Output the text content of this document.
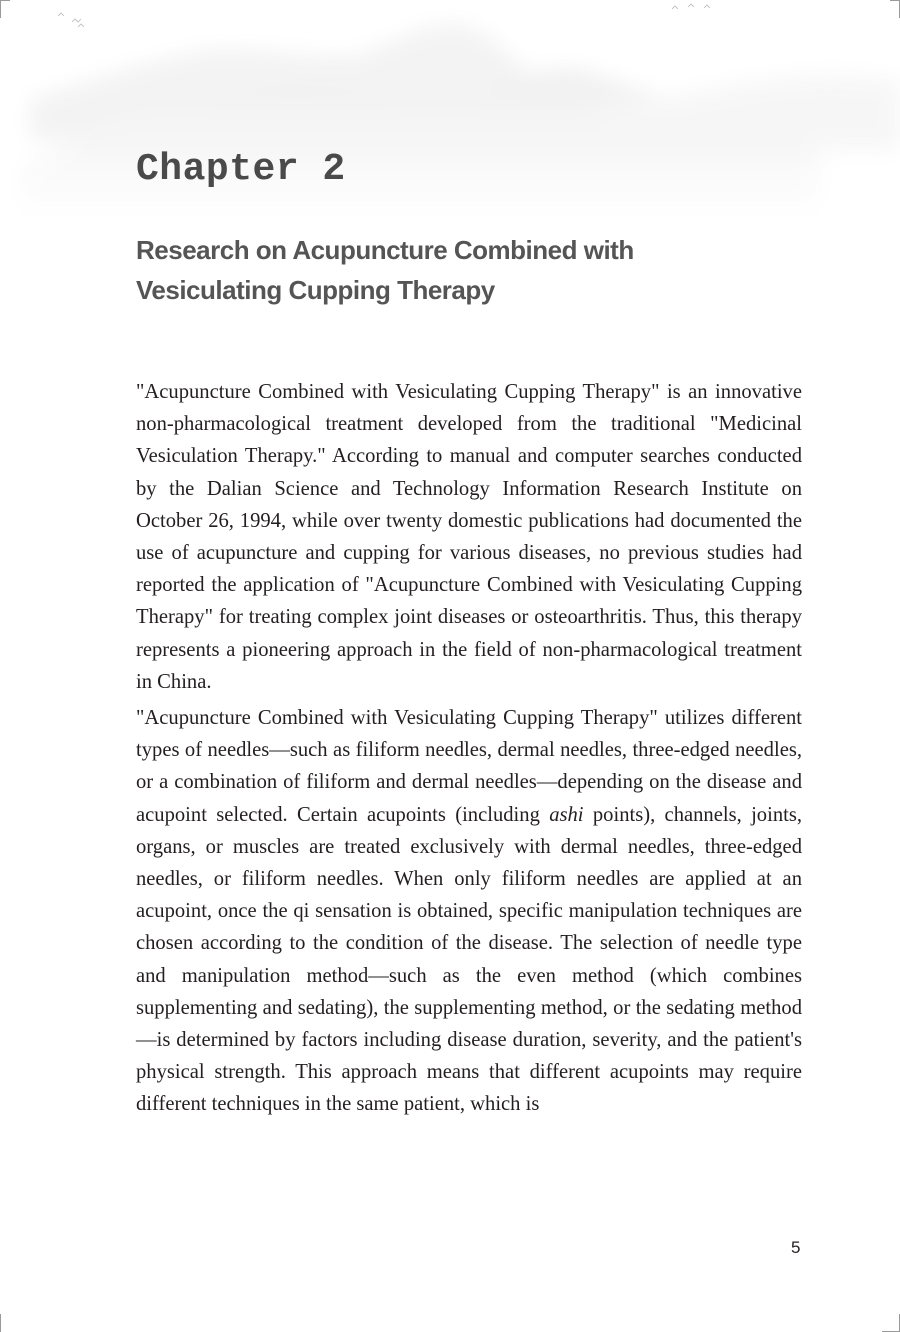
Chapter 2
Research on Acupuncture Combined with Vesiculating Cupping Therapy

"Acupuncture Combined with Vesiculating Cupping Therapy" is an innovative non-pharmacological treatment developed from the traditional "Medicinal Vesiculation Therapy." According to manual and computer searches conducted by the Dalian Science and Technology Information Research Institute on October 26, 1994, while over twenty domestic publications had documented the use of acupuncture and cupping for various diseases, no previous studies had reported the application of "Acupuncture Combined with Vesiculating Cupping Therapy" for treating complex joint diseases or osteoarthritis. Thus, this therapy represents a pioneering approach in the field of non-pharmacological treatment in China.

"Acupuncture Combined with Vesiculating Cupping Therapy" utilizes different types of needles—such as filiform needles, dermal needles, three-edged needles, or a combination of filiform and dermal needles—depending on the disease and acupoint selected. Certain acupoints (including ashi points), channels, joints, organs, or muscles are treated exclusively with dermal needles, three-edged needles, or filiform needles. When only filiform needles are applied at an acupoint, once the qi sensation is obtained, specific manipulation techniques are chosen according to the condition of the disease. The selection of needle type and manipulation method—such as the even method (which combines supplementing and sedating), the supplementing method, or the sedating method—is determined by factors including disease duration, severity, and the patient's physical strength. This approach means that different acupoints may require different techniques in the same patient, which is

5
